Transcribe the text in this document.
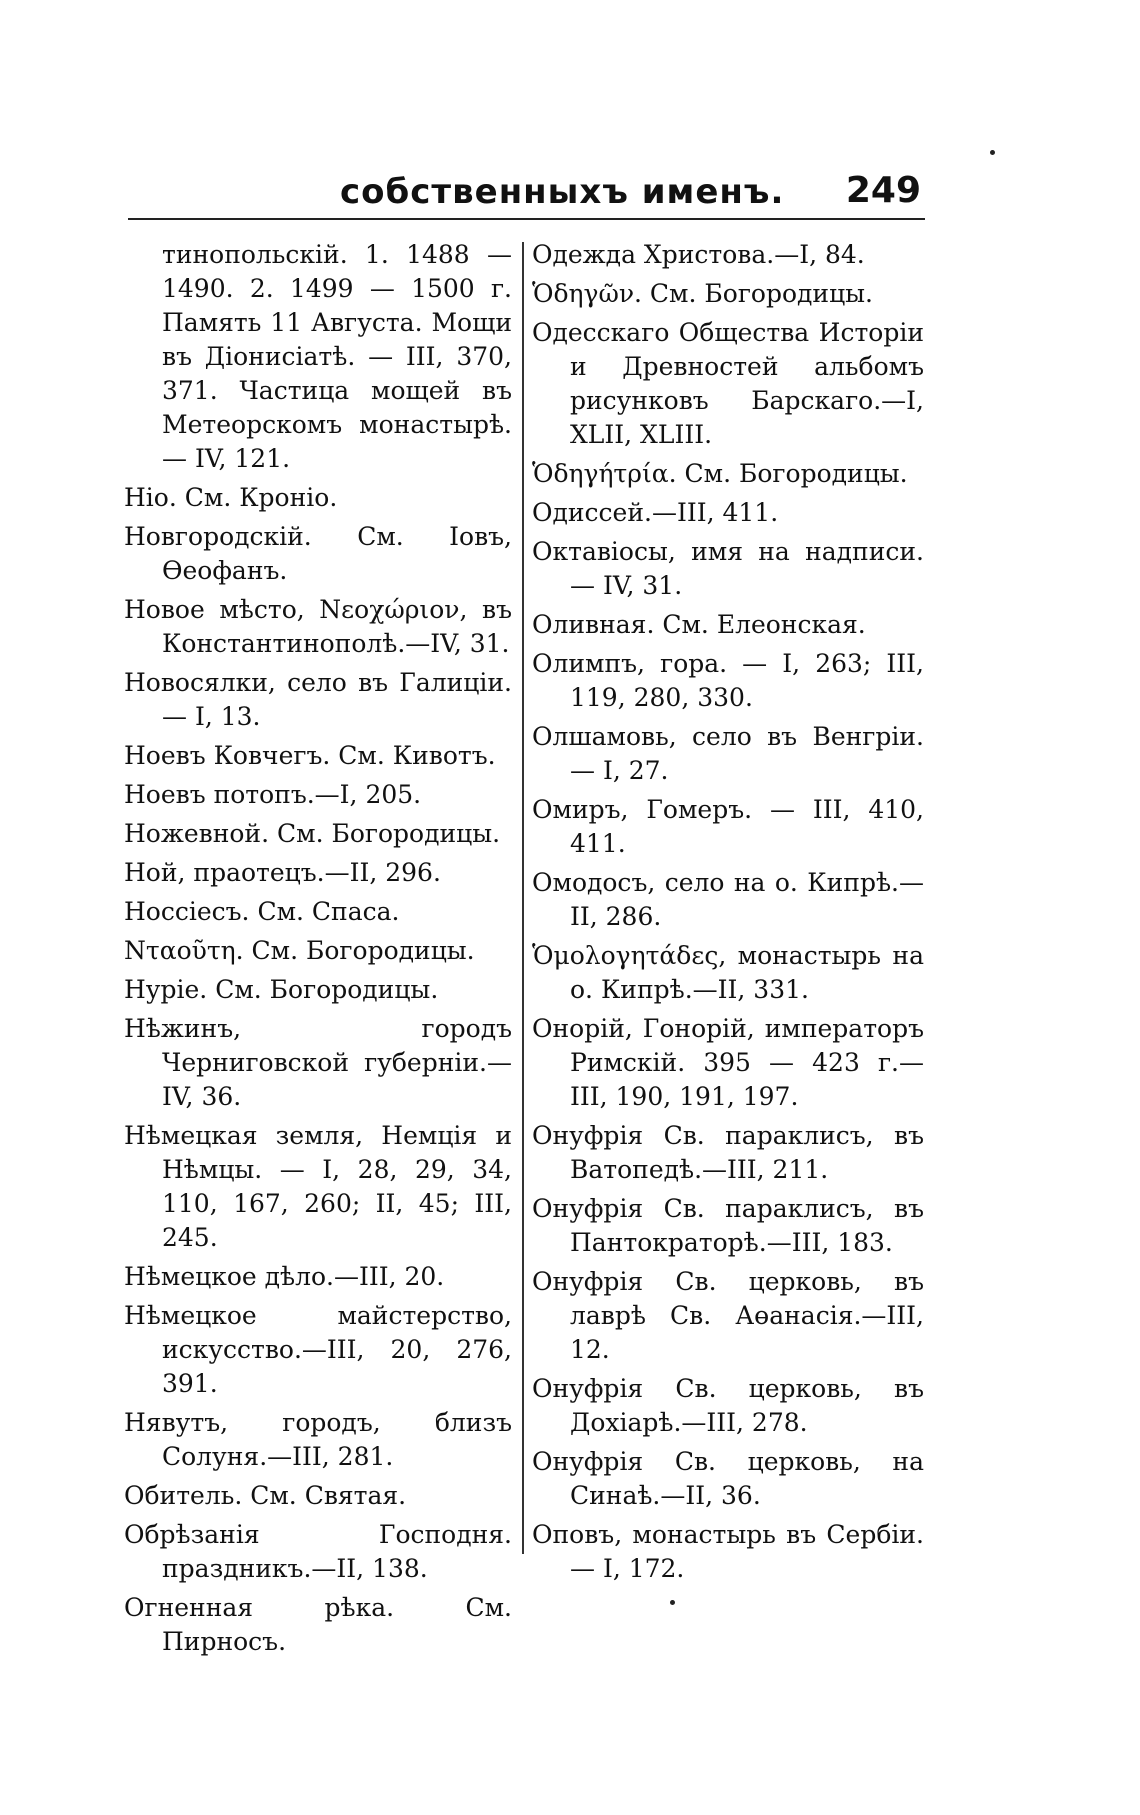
собственныхъ именъ. 249
тинопольскій. 1. 1488 — 1490. 2. 1499 — 1500 г. Память 11 Августа. Мощи въ Діонисіатѣ. — III, 370, 371. Частица мощей въ Метеорскомъ монастырѣ. — IV, 121.
Ніо. См. Кроніо.
Новгородскій. См. Іовъ, Өеофанъ.
Новое мѣсто, Νεοχώριον, въ Константинополѣ.—IV, 31.
Новосялки, село въ Галиціи.— I, 13.
Ноевъ Ковчегъ. См. Кивотъ.
Ноевъ потопъ.—I, 205.
Ножевной. См. Богородицы.
Ной, праотецъ.—II, 296.
Носсіесъ. См. Спаса.
Νταοῦτη. См. Богородицы.
Нуріе. См. Богородицы.
Нѣжинъ, городъ Черниговской губерніи.—IV, 36.
Нѣмецкая земля, Немція и Нѣмцы. — I, 28, 29, 34, 110, 167, 260; II, 45; III, 245.
Нѣмецкое дѣло.—III, 20.
Нѣмецкое майстерство, искусство.—III, 20, 276, 391.
Нявутъ, городъ, близъ Солуня.—III, 281.
Обитель. См. Святая.
Обрѣзанія Господня. праздникъ.—II, 138.
Огненная рѣка. См. Пирносъ.
Одежда Христова.—I, 84.
Ὁδηγῶν. См. Богородицы.
Одесскаго Общества Исторіи и Древностей альбомъ рисунковъ Барскаго.—I, XLII, XLIII.
Ὁδηγήτρία. См. Богородицы.
Одиссей.—III, 411.
Октавіосы, имя на надписи.— IV, 31.
Оливная. См. Елеонская.
Олимпъ, гора. — I, 263; III, 119, 280, 330.
Олшамовь, село въ Венгріи.— I, 27.
Омиръ, Гомеръ. — III, 410, 411.
Омодосъ, село на о. Кипрѣ.— II, 286.
Ὁμολογητάδες, монастырь на о. Кипрѣ.—II, 331.
Онорій, Гонорій, императоръ Римскій. 395 — 423 г.— III, 190, 191, 197.
Онуфрія Св. параклисъ, въ Ватопедѣ.—III, 211.
Онуфрія Св. параклисъ, въ Пантократорѣ.—III, 183.
Онуфрія Св. церковь, въ лаврѣ Св. Аөанасія.—III, 12.
Онуфрія Св. церковь, въ Дохіарѣ.—III, 278.
Онуфрія Св. церковь, на Синаѣ.—II, 36.
Оповъ, монастырь въ Сербіи.— I, 172.
